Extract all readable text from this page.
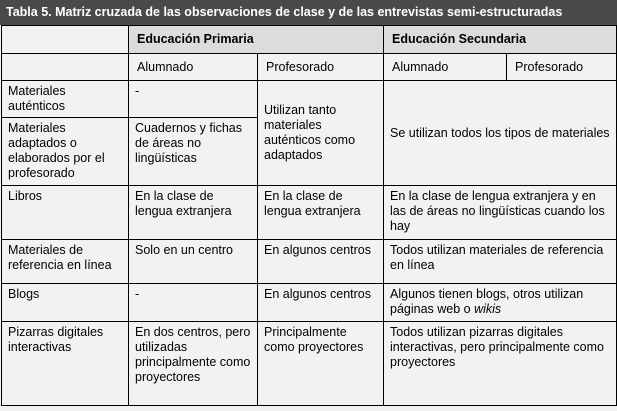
Tabla 5. Matriz cruzada de las observaciones de clase y de las entrevistas semi-estructuradas
	Educación Primaria		Educación Secundaria	
	Alumnado	Profesorado	Alumnado	Profesorado
Materiales auténticos	-	Utilizan tanto materiales auténticos como adaptados	Se utilizan todos los tipos de materiales	
Materiales adaptados o elaborados por el profesorado	Cuadernos y fichas de áreas no lingüísticas			
Libros	En la clase de lengua extranjera	En la clase de lengua extranjera	En la clase de lengua extranjera y en las de áreas no lingüísticas cuando los hay	
Materiales de referencia en línea	Solo en un centro	En algunos centros	Todos utilizan materiales de referencia en línea	
Blogs	-	En algunos centros	Algunos tienen blogs, otros utilizan páginas web o wikis	
Pizarras digitales interactivas	En dos centros, pero utilizadas principalmente como proyectores	Principalmente como proyectores	Todos utilizan pizarras digitales interactivas, pero principalmente como proyectores	
